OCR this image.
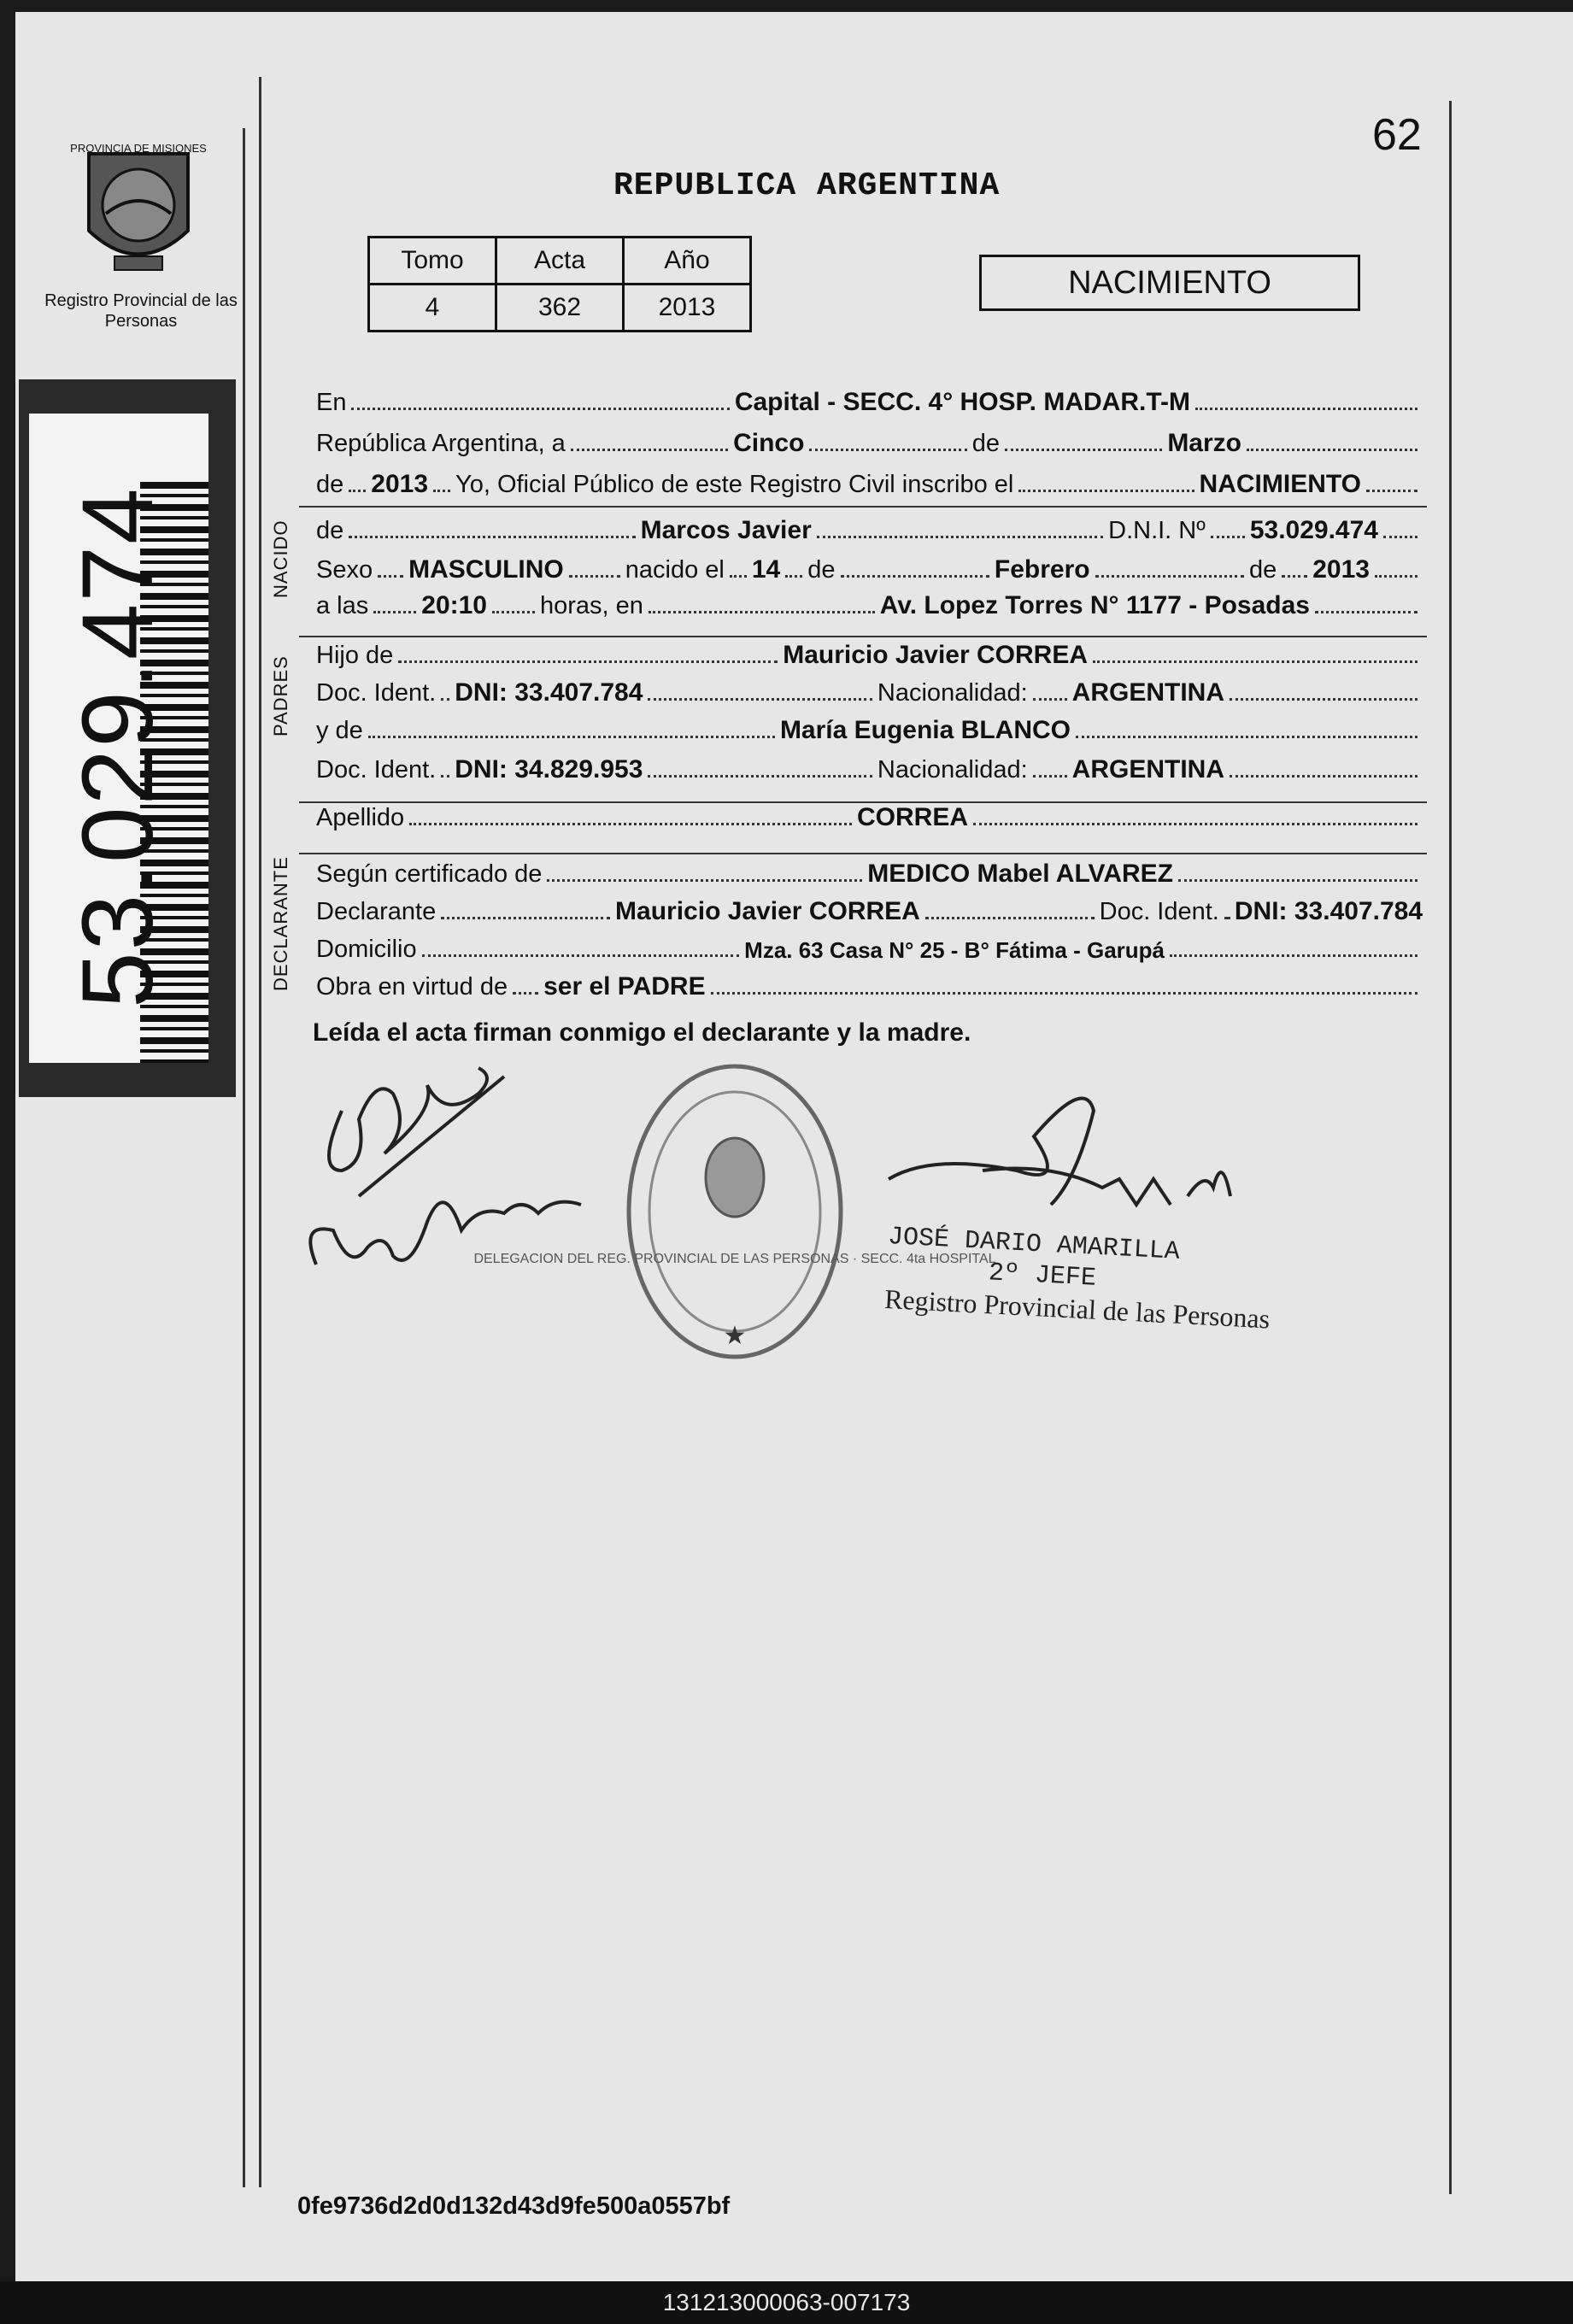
PROVINCIA DE MISIONES
Registro Provincial de las Personas
53.029.474
REPUBLICA ARGENTINA
62
Tomo	Acta	Año
4	362	2013
NACIMIENTO
En	Capital - SECC. 4° HOSP. MADAR.T-M
República Argentina, a	Cinco	de	Marzo
de 2013 Yo, Oficial Público de este Registro Civil inscribo el	NACIMIENTO
NACIDO de	Marcos Javier	D.N.I. Nº 53.029.474
Sexo MASCULINO nacido el 14 de	Febrero	de 2013
a las 20:10 horas, en	Av. Lopez Torres N° 1177 - Posadas
PADRES
Hijo de	Mauricio Javier CORREA
Doc. Ident. DNI: 33.407.784	Nacionalidad: ARGENTINA
y de	María Eugenia BLANCO
Doc. Ident. DNI: 34.829.953	Nacionalidad: ARGENTINA
Apellido	CORREA
DECLARANTE Según certificado de	MEDICO Mabel ALVAREZ
Declarante	Mauricio Javier CORREA	Doc. Ident. DNI: 33.407.784
Domicilio	Mza. 63 Casa N° 25 - B° Fátima - Garupá
Obra en virtud de ser el PADRE
Leída el acta firman conmigo el declarante y la madre.
★
DELEGACION DEL REG. PROVINCIAL DE LAS PERSONAS · SECC. 4ta HOSPITAL
JOSÉ DARIO AMARILLA
2º JEFE
Registro Provincial de las Personas
0fe9736d2d0d132d43d9fe500a0557bf
131213000063-007173
